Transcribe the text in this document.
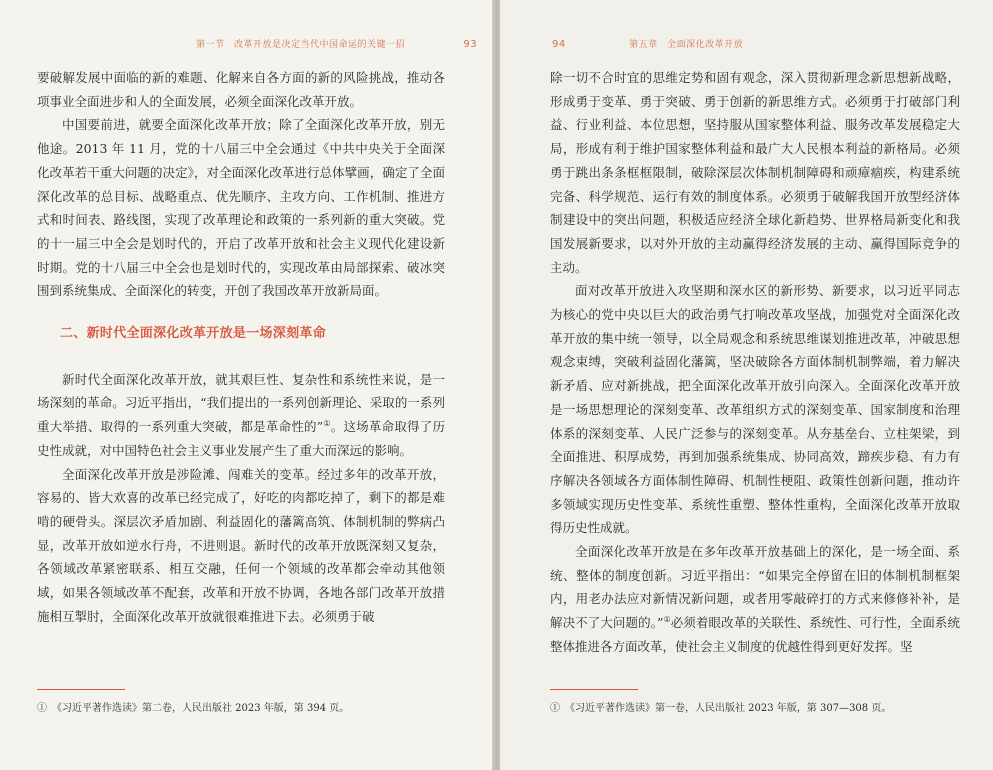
第一节　改革开放是决定当代中国命运的关键一招	93

要破解发展中面临的新的难题、化解来自各方面的新的风险挑战，推动各项事业全面进步和人的全面发展，必须全面深化改革开放。

中国要前进，就要全面深化改革开放；除了全面深化改革开放，别无他途。2013 年 11 月，党的十八届三中全会通过《中共中央关于全面深化改革若干重大问题的决定》，对全面深化改革进行总体擘画，确定了全面深化改革的总目标、战略重点、优先顺序、主攻方向、工作机制、推进方式和时间表、路线图，实现了改革理论和政策的一系列新的重大突破。党的十一届三中全会是划时代的，开启了改革开放和社会主义现代化建设新时期。党的十八届三中全会也是划时代的，实现改革由局部探索、破冰突围到系统集成、全面深化的转变，开创了我国改革开放新局面。

二、新时代全面深化改革开放是一场深刻革命

新时代全面深化改革开放，就其艰巨性、复杂性和系统性来说，是一场深刻的革命。习近平指出，“我们提出的一系列创新理论、采取的一系列重大举措、取得的一系列重大突破，都是革命性的”①。这场革命取得了历史性成就，对中国特色社会主义事业发展产生了重大而深远的影响。

全面深化改革开放是涉险滩、闯难关的变革。经过多年的改革开放，容易的、皆大欢喜的改革已经完成了，好吃的肉都吃掉了，剩下的都是难啃的硬骨头。深层次矛盾加剧、利益固化的藩篱高筑、体制机制的弊病凸显，改革开放如逆水行舟，不进则退。新时代的改革开放既深刻又复杂，各领域改革紧密联系、相互交融，任何一个领域的改革都会牵动其他领域，如果各领域改革不配套，改革和开放不协调，各地各部门改革开放措施相互掣肘，全面深化改革开放就很难推进下去。必须勇于破

①　《习近平著作选读》第二卷，人民出版社 2023 年版，第 394 页。
94	第五章　全面深化改革开放

除一切不合时宜的思维定势和固有观念，深入贯彻新理念新思想新战略，形成勇于变革、勇于突破、勇于创新的新思维方式。必须勇于打破部门利益、行业利益、本位思想，坚持服从国家整体利益、服务改革发展稳定大局，形成有利于维护国家整体利益和最广大人民根本利益的新格局。必须勇于跳出条条框框限制，破除深层次体制机制障碍和顽瘴痼疾，构建系统完备、科学规范、运行有效的制度体系。必须勇于破解我国开放型经济体制建设中的突出问题，积极适应经济全球化新趋势、世界格局新变化和我国发展新要求，以对外开放的主动赢得经济发展的主动、赢得国际竞争的主动。

面对改革开放进入攻坚期和深水区的新形势、新要求，以习近平同志为核心的党中央以巨大的政治勇气打响改革攻坚战，加强党对全面深化改革开放的集中统一领导，以全局观念和系统思维谋划推进改革，冲破思想观念束缚，突破利益固化藩篱，坚决破除各方面体制机制弊端，着力解决新矛盾、应对新挑战，把全面深化改革开放引向深入。全面深化改革开放是一场思想理论的深刻变革、改革组织方式的深刻变革、国家制度和治理体系的深刻变革、人民广泛参与的深刻变革。从夯基垒台、立柱架梁，到全面推进、积厚成势，再到加强系统集成、协同高效，蹄疾步稳、有力有序解决各领域各方面体制性障碍、机制性梗阻、政策性创新问题，推动许多领域实现历史性变革、系统性重塑、整体性重构，全面深化改革开放取得历史性成就。

全面深化改革开放是在多年改革开放基础上的深化，是一场全面、系统、整体的制度创新。习近平指出：“如果完全停留在旧的体制机制框架内，用老办法应对新情况新问题，或者用零敲碎打的方式来修修补补，是解决不了大问题的。”①必须着眼改革的关联性、系统性、可行性，全面系统整体推进各方面改革，使社会主义制度的优越性得到更好发挥。坚

①　《习近平著作选读》第一卷，人民出版社 2023 年版，第 307—308 页。
